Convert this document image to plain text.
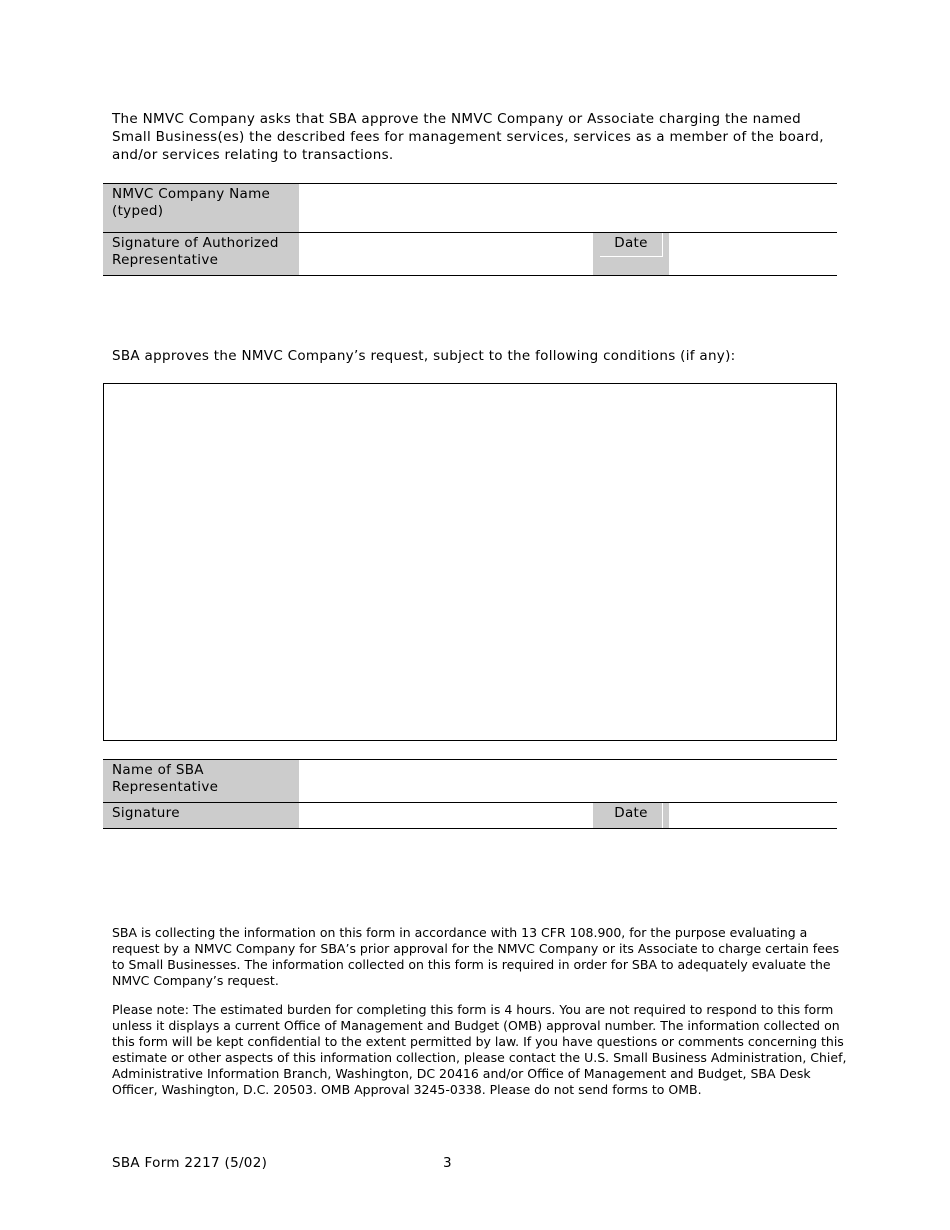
The NMVC Company asks that SBA approve the NMVC Company or Associate charging the named Small Business(es) the described fees for management services, services as a member of the board, and/or services relating to transactions.
NMVC Company Name (typed)
Signature of Authorized Representative
Date
SBA approves the NMVC Company’s request, subject to the following conditions (if any):
Name of SBA Representative
Signature	Date

SBA is collecting the information on this form in accordance with 13 CFR 108.900, for the purpose evaluating a request by a NMVC Company for SBA’s prior approval for the NMVC Company or its Associate to charge certain fees to Small Businesses. The information collected on this form is required in order for SBA to adequately evaluate the NMVC Company’s request.

Please note: The estimated burden for completing this form is 4 hours. You are not required to respond to this form unless it displays a current Office of Management and Budget (OMB) approval number. The information collected on this form will be kept confidential to the extent permitted by law. If you have questions or comments concerning this estimate or other aspects of this information collection, please contact the U.S. Small Business Administration, Chief, Administrative Information Branch, Washington, DC 20416 and/or Office of Management and Budget, SBA Desk Officer, Washington, D.C. 20503. OMB Approval 3245-0338. Please do not send forms to OMB.

SBA Form 2217 (5/02)	3
